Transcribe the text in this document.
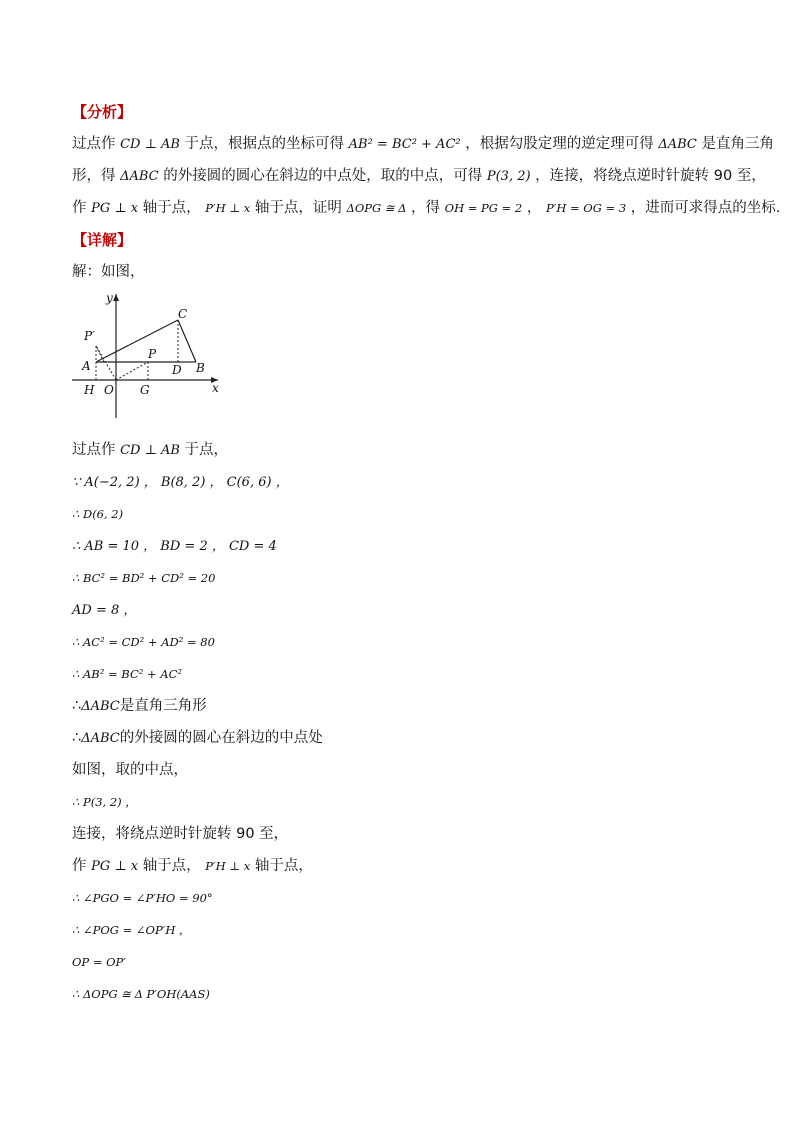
【分析】
过点作 CD ⊥ AB 于点，根据点的坐标可得 AB² = BC² + AC² ，根据勾股定理的逆定理可得 ΔABC 是直角三角
形，得 ΔABC 的外接圆的圆心在斜边的中点处，取的中点，可得 P(3, 2) ，连接，将绕点逆时针旋转 90 至，
作 PG ⊥ x 轴于点， P′H ⊥ x 轴于点，证明 ΔOPG ≅ Δ ，得 OH = PG = 2 ， P′H = OG = 3 ，进而可求得点的坐标.
【详解】
解：如图，
y
x
C
P′
P
A	D B
H O G
过点作 CD ⊥ AB 于点，
∵ A(−2, 2) ， B(8, 2) ， C(6, 6) ，
∴ D(6, 2)
∴ AB = 10 ， BD = 2 ， CD = 4
∴ BC² = BD² + CD² = 20
AD = 8 ，
∴ AC² = CD² + AD² = 80
∴ AB² = BC² + AC²
∴ΔABC是直角三角形
∴ΔABC的外接圆的圆心在斜边的中点处
如图，取的中点，
∴ P(3, 2) ，
连接，将绕点逆时针旋转 90 至，
作 PG ⊥ x 轴于点， P′H ⊥ x 轴于点，
∴ ∠PGO = ∠P′HO = 90°
∴ ∠POG = ∠OP′H ，
OP = OP′
∴ ΔOPG ≅ Δ P′OH(AAS)
